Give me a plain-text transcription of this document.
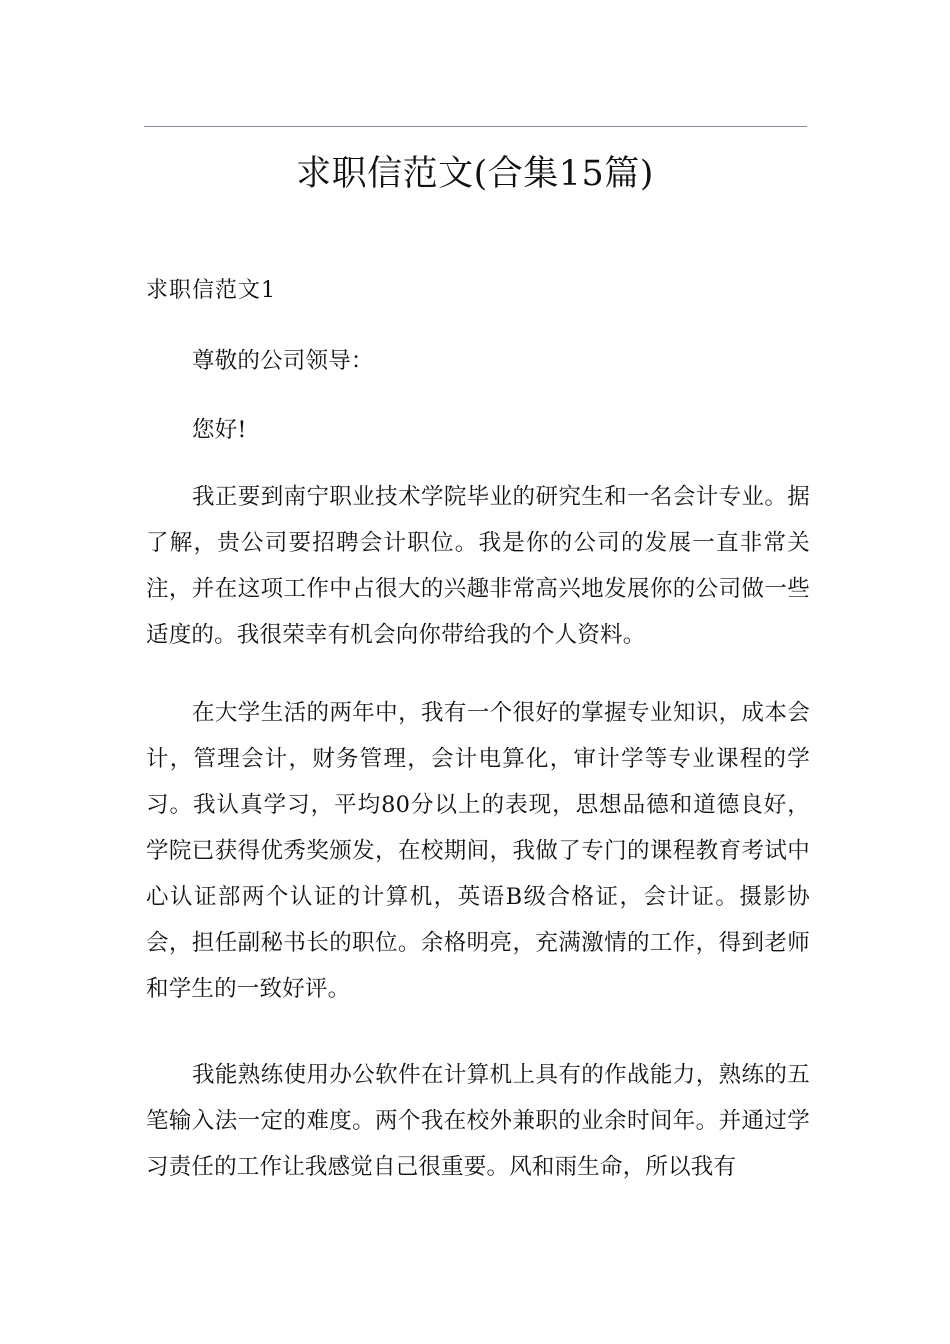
求职信范文(合集15篇)
求职信范文1

尊敬的公司领导：

您好!

我正要到南宁职业技术学院毕业的研究生和一名会计专业。据了解，贵公司要招聘会计职位。我是你的公司的发展一直非常关注，并在这项工作中占很大的兴趣非常高兴地发展你的公司做一些适度的。我很荣幸有机会向你带给我的个人资料。

在大学生活的两年中，我有一个很好的掌握专业知识，成本会计，管理会计，财务管理，会计电算化，审计学等专业课程的学习。我认真学习，平均80分以上的表现，思想品德和道德良好，学院已获得优秀奖颁发，在校期间，我做了专门的课程教育考试中心认证部两个认证的计算机，英语B级合格证，会计证。摄影协会，担任副秘书长的职位。余格明亮，充满激情的工作，得到老师和学生的一致好评。

我能熟练使用办公软件在计算机上具有的作战能力，熟练的五笔输入法一定的难度。两个我在校外兼职的业余时间年。并通过学习责任的工作让我感觉自己很重要。风和雨生命，所以我有
